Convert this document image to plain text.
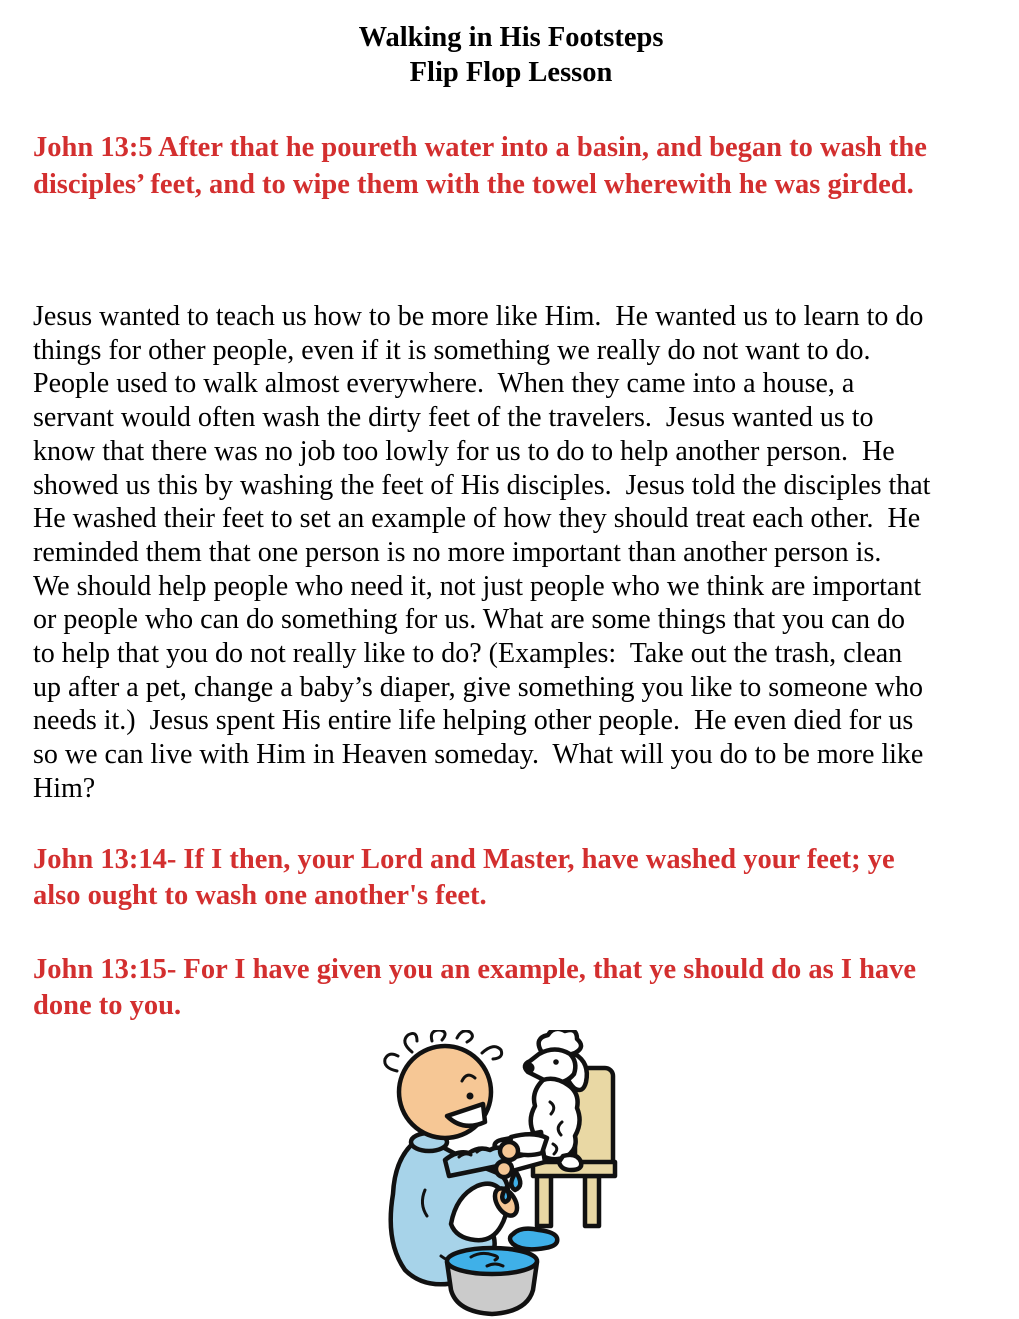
Walking in His Footsteps
Flip Flop Lesson

John 13:5 After that he poureth water into a basin, and began to wash the
disciples’ feet, and to wipe them with the towel wherewith he was girded.

Jesus wanted to teach us how to be more like Him.  He wanted us to learn to do
things for other people, even if it is something we really do not want to do.
People used to walk almost everywhere.  When they came into a house, a
servant would often wash the dirty feet of the travelers.  Jesus wanted us to
know that there was no job too lowly for us to do to help another person.  He
showed us this by washing the feet of His disciples.  Jesus told the disciples that
He washed their feet to set an example of how they should treat each other.  He
reminded them that one person is no more important than another person is.
We should help people who need it, not just people who we think are important
or people who can do something for us. What are some things that you can do
to help that you do not really like to do? (Examples:  Take out the trash, clean
up after a pet, change a baby’s diaper, give something you like to someone who
needs it.)  Jesus spent His entire life helping other people.  He even died for us
so we can live with Him in Heaven someday.  What will you do to be more like
Him?

John 13:14- If I then, your Lord and Master, have washed your feet; ye
also ought to wash one another's feet.

John 13:15- For I have given you an example, that ye should do as I have
done to you.
